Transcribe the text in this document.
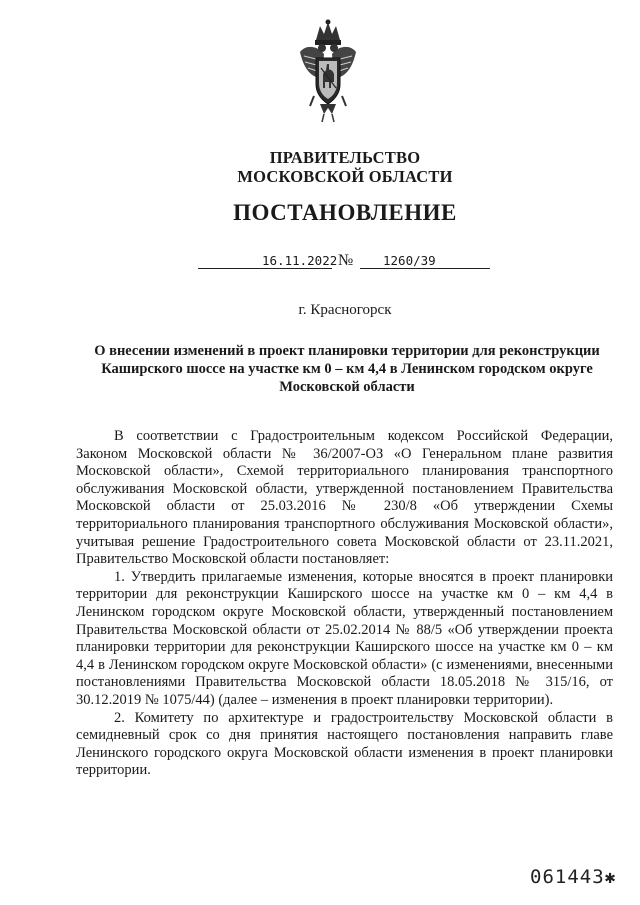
ПРАВИТЕЛЬСТВО
МОСКОВСКОЙ ОБЛАСТИ
ПОСТАНОВЛЕНИЕ
16.11.2022 № 1260/39
г. Красногорск
О внесении изменений в проект планировки территории для реконструкции
Каширского шоссе на участке км 0 – км 4,4 в Ленинском городском округе
Московской области

В соответствии с Градостроительным кодексом Российской Федерации, Законом Московской области № 36/2007-ОЗ «О Генеральном плане развития Московской области», Схемой территориального планирования транспортного обслуживания Московской области, утвержденной постановлением Правительства Московской области от 25.03.2016 № 230/8 «Об утверждении Схемы территориального планирования транспортного обслуживания Московской области», учитывая решение Градостроительного совета Московской области от 23.11.2021, Правительство Московской области постановляет:

1. Утвердить прилагаемые изменения, которые вносятся в проект планировки территории для реконструкции Каширского шоссе на участке км 0 – км 4,4 в Ленинском городском округе Московской области, утвержденный постановлением Правительства Московской области от 25.02.2014 № 88/5 «Об утверждении проекта планировки территории для реконструкции Каширского шоссе на участке км 0 – км 4,4 в Ленинском городском округе Московской области» (с изменениями, внесенными постановлениями Правительства Московской области 18.05.2018 № 315/16, от 30.12.2019 № 1075/44) (далее – изменения в проект планировки территории).

2. Комитету по архитектуре и градостроительству Московской области в семидневный срок со дня принятия настоящего постановления направить главе Ленинского городского округа Московской области изменения в проект планировки территории.

061443✱
